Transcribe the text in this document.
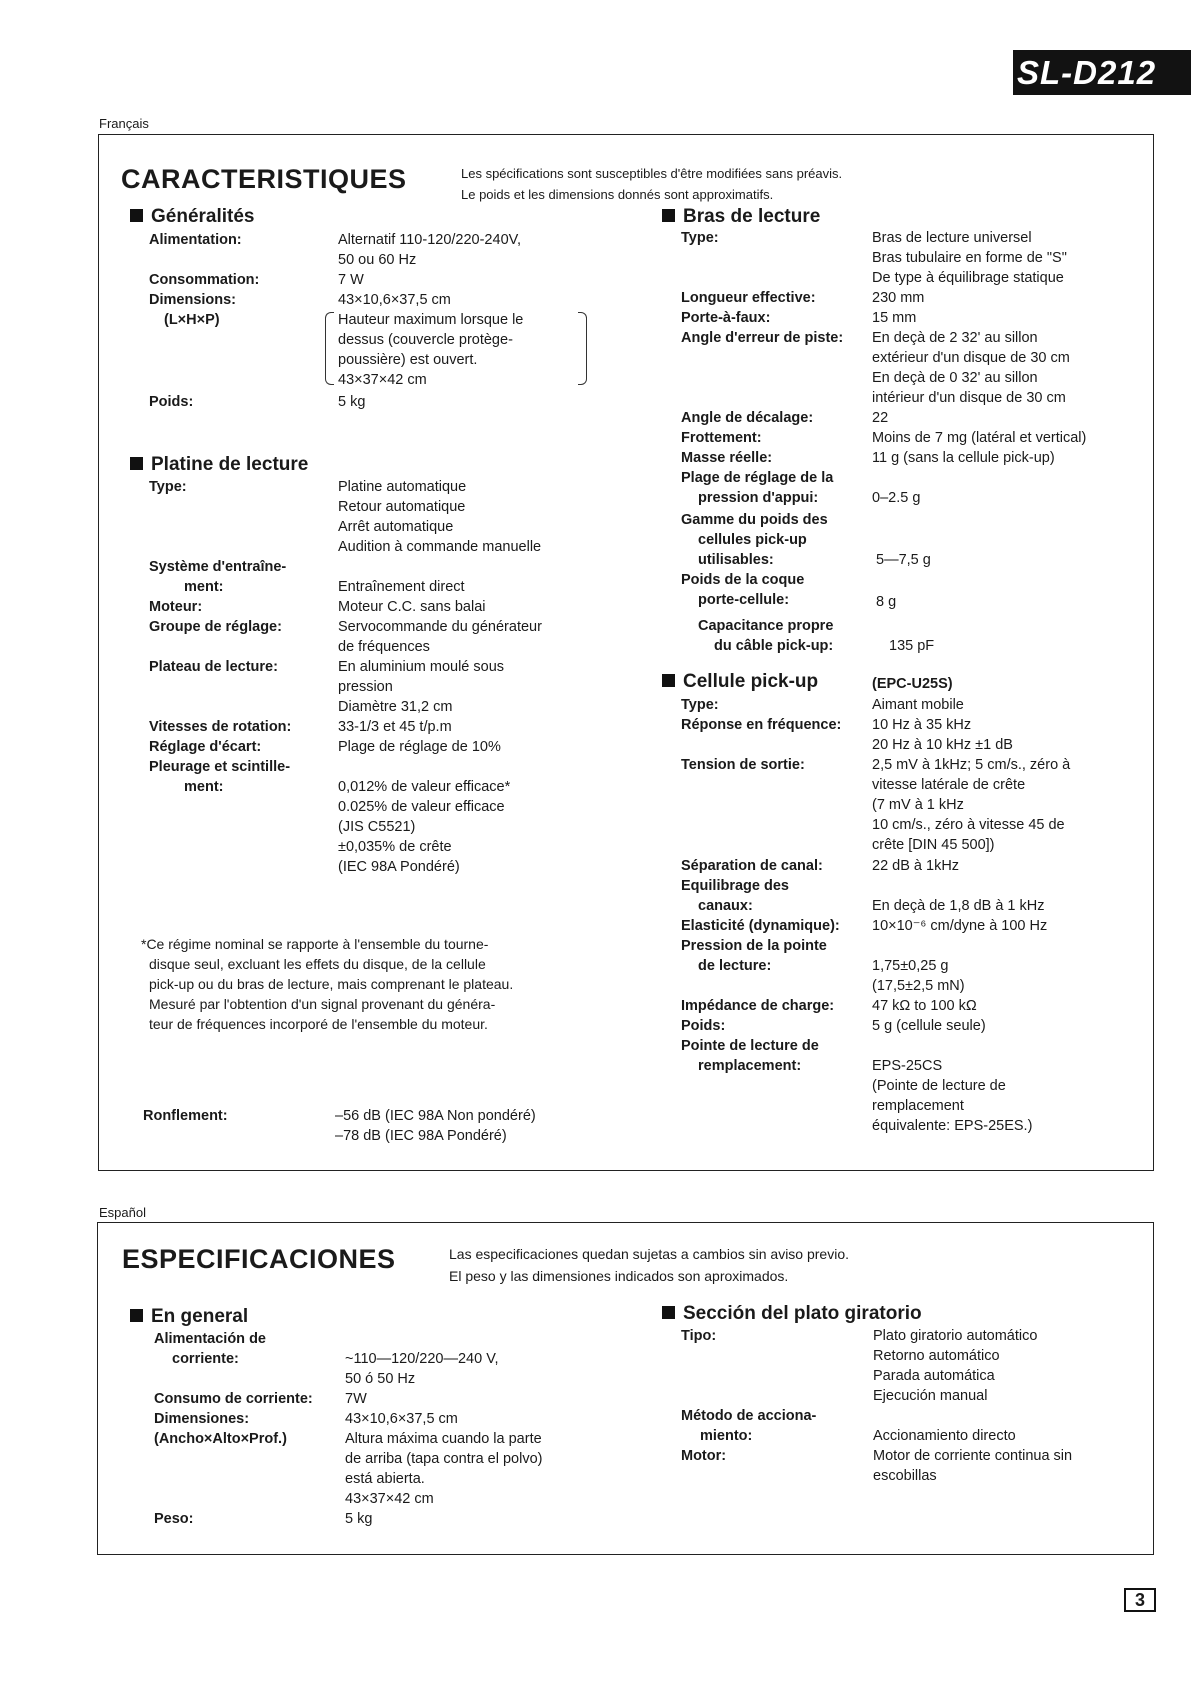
SL-D212
Français
CARACTERISTIQUES	Les spécifications sont susceptibles d'être modifiées sans préavis.
Le poids et les dimensions donnés sont approximatifs.
Généralités
Alimentation:	Alternatif 110-120/220-240V,
50 ou 60 Hz
Consommation:	7 W
Dimensions:	43×10,6×37,5 cm
(L×H×P)	Hauteur maximum lorsque le
dessus (couvercle protège-
poussière) est ouvert.
43×37×42 cm
Poids:	5 kg
Platine de lecture
Type:	Platine automatique
Retour automatique
Arrêt automatique
Audition à commande manuelle
Système d'entraîne-
ment:	Entraînement direct
Moteur:	Moteur C.C. sans balai
Groupe de réglage:	Servocommande du générateur
de fréquences
Plateau de lecture:	En aluminium moulé sous
pression
Diamètre 31,2 cm
Vitesses de rotation:	33-1/3 et 45 t/p.m
Réglage d'écart:	Plage de réglage de 10%
Pleurage et scintille-
ment:	0,012% de valeur efficace*
0.025% de valeur efficace
(JIS C5521)
±0,035% de crête
(IEC 98A Pondéré)
*Ce régime nominal se rapporte à l'ensemble du tourne-
disque seul, excluant les effets du disque, de la cellule
pick-up ou du bras de lecture, mais comprenant le plateau.
Mesuré par l'obtention d'un signal provenant du généra-
teur de fréquences incorporé de l'ensemble du moteur.
Ronflement:	–56 dB (IEC 98A Non pondéré)
–78 dB (IEC 98A Pondéré)
Bras de lecture
Type:	Bras de lecture universel
Bras tubulaire en forme de "S"
De type à équilibrage statique
Longueur effective:	230 mm
Porte-à-faux:	15 mm
Angle d'erreur de piste: En deçà de 2 32' au sillon
extérieur d'un disque de 30 cm
En deçà de 0 32' au sillon
intérieur d'un disque de 30 cm
Angle de décalage:	22
Frottement:	Moins de 7 mg (latéral et vertical)
Masse réelle:	11 g (sans la cellule pick-up)
Plage de réglage de la
pression d'appui:	0–2.5 g
Gamme du poids des
cellules pick-up
utilisables:	5—7,5 g
Poids de la coque
porte-cellule:	8 g
Capacitance propre
du câble pick-up:	135 pF
Cellule pick-up	(EPC-U25S)
Type:	Aimant mobile
Réponse en fréquence: 10 Hz à 35 kHz
20 Hz à 10 kHz ±1 dB
Tension de sortie:	2,5 mV à 1kHz; 5 cm/s., zéro à
vitesse latérale de crête
(7 mV à 1 kHz
10 cm/s., zéro à vitesse 45 de
crête [DIN 45 500])
Séparation de canal:	22 dB à 1kHz
Equilibrage des
canaux:	En deçà de 1,8 dB à 1 kHz
Elasticité (dynamique): 10×10⁻⁶ cm/dyne à 100 Hz
Pression de la pointe
de lecture:	1,75±0,25 g
(17,5±2,5 mN)
Impédance de charge:	47 kΩ to 100 kΩ
Poids:	5 g (cellule seule)
Pointe de lecture de
remplacement:	EPS-25CS
(Pointe de lecture de
remplacement
équivalente: EPS-25ES.)
Español
ESPECIFICACIONES	Las especificaciones quedan sujetas a cambios sin aviso previo.
El peso y las dimensiones indicados son aproximados.
En general
Alimentación de
corriente:	~110—120/220—240 V,
50 ó 50 Hz
Consumo de corriente: 7W
Dimensiones:	43×10,6×37,5 cm
(Ancho×Alto×Prof.)	Altura máxima cuando la parte
de arriba (tapa contra el polvo)
está abierta.
43×37×42 cm
Peso:	5 kg
Sección del plato giratorio
Tipo:	Plato giratorio automático
Retorno automático
Parada automática
Ejecución manual
Método de acciona-
miento:	Accionamiento directo
Motor:	Motor de corriente continua sin
escobillas
3
